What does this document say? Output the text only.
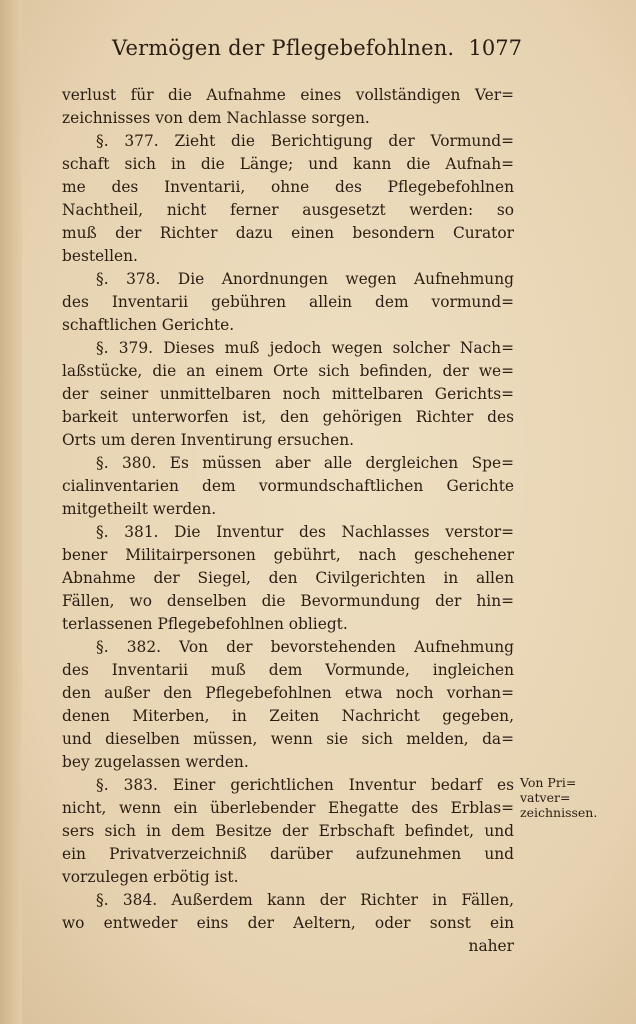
Vermögen der Pflegebefohlnen. 1077
verlust für die Aufnahme eines vollständigen Ver=
zeichnisses von dem Nachlasse sorgen.
§. 377. Zieht die Berichtigung der Vormund=
schaft sich in die Länge; und kann die Aufnah=
me des Inventarii, ohne des Pflegebefohlnen
Nachtheil, nicht ferner ausgesetzt werden: so
muß der Richter dazu einen besondern Curator
bestellen.
§. 378. Die Anordnungen wegen Aufnehmung
des Inventarii gebühren allein dem vormund=
schaftlichen Gerichte.
§. 379. Dieses muß jedoch wegen solcher Nach=
laßstücke, die an einem Orte sich befinden, der we=
der seiner unmittelbaren noch mittelbaren Gerichts=
barkeit unterworfen ist, den gehörigen Richter des
Orts um deren Inventirung ersuchen.
§. 380. Es müssen aber alle dergleichen Spe=
cialinventarien dem vormundschaftlichen Gerichte
mitgetheilt werden.
§. 381. Die Inventur des Nachlasses verstor=
bener Militairpersonen gebührt, nach geschehener
Abnahme der Siegel, den Civilgerichten in allen
Fällen, wo denselben die Bevormundung der hin=
terlassenen Pflegebefohlnen obliegt.
§. 382. Von der bevorstehenden Aufnehmung
des Inventarii muß dem Vormunde, ingleichen
den außer den Pflegebefohlnen etwa noch vorhan=
denen Miterben, in Zeiten Nachricht gegeben,
und dieselben müssen, wenn sie sich melden, da=
bey zugelassen werden.
§. 383. Einer gerichtlichen Inventur bedarf es
nicht, wenn ein überlebender Ehegatte des Erblas=
sers sich in dem Besitze der Erbschaft befindet, und
ein Privatverzeichniß darüber aufzunehmen und
vorzulegen erbötig ist.
§. 384. Außerdem kann der Richter in Fällen,
wo entweder eins der Aeltern, oder sonst ein
naher
Von Pri=
vatver=
zeichnissen.
